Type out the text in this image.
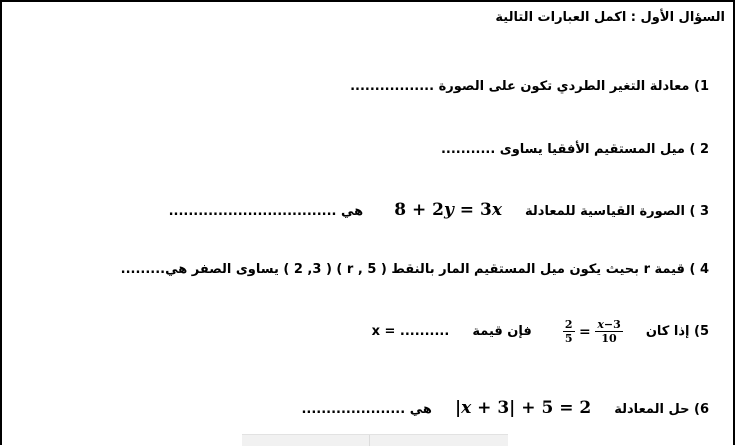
السؤال الأول : اكمل العبارات التالية
1) معادلة التغير الطردي تكون على الصورة .................
2 ) ميل المستقيم الأفقيا يساوى ...........
3 ) الصورة القياسية للمعادلة  8 + 2y = 3x  هي ..................................
4 ) قيمة r بحيث يكون ميل المستقيم المار بالنقط ( 5 , r ) ( 2 ,3 ) يساوى الصفر هي.........
5) إذا كان
$\frac{2}{5} = \frac{x-3}{10}$
فإن قيمة  .......... = x
6) حل المعادلة  |x + 3| + 5 = 2  هي .....................
